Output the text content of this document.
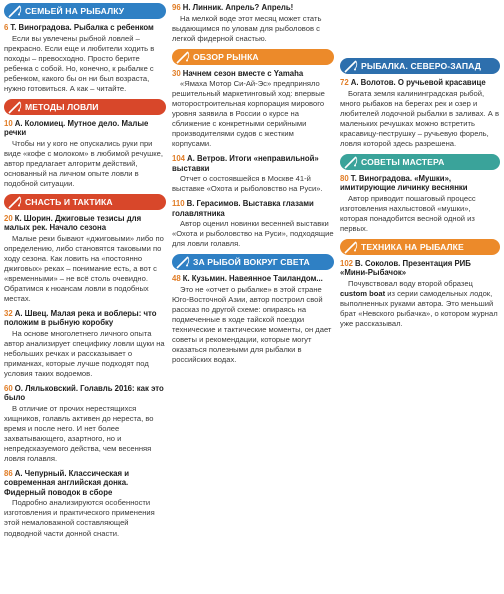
СЕМЬЕЙ НА РЫБАЛКУ
6 Т. Виноградова. Рыбалка с ребенком
Если вы увлечены рыбной ловлей – прекрасно. Если еще и любители ходить в походы – превосходно. Просто берите ребенка с собой. Но, конечно, к рыбалке с ребенком, какого бы он ни был возраста, нужно готовиться. А как – читайте.
МЕТОДЫ ЛОВЛИ
10 А. Коломиец. Мутное дело. Малые речки
Чтобы ни у кого не опускались руки при виде «кофе с молоком» в любимой речушке, автор предлагает алгоритм действий, основанный на личном опыте ловли в подобной ситуации.
СНАСТЬ И ТАКТИКА
20 К. Шорин. Джиговые тезисы для малых рек. Начало сезона
Малые реки бывают «джиговыми» либо по определению, либо становятся таковыми по ходу сезона. Как ловить на «постоянно джиговых» реках – понимание есть, а вот с «временными» – не всё столь очевидно. Обратимся к нюансам ловли в подобных местах.
32 А. Швец. Малая река и воблеры: что положим в рыбную коробку
На основе многолетнего личного опыта автор анализирует специфику ловли щуки на небольших речках и рассказывает о приманках, которые лучше подходят под условия таких водоемов.
60 О. Ляльковский. Голавль 2016: как это было
В отличие от прочих нерестящихся хищников, голавль активен до нереста, во время и после него. И нет более захватывающего, азартного, но и непредсказуемого действа, чем весенняя ловля голавля.
86 А. Чепурный. Классическая и современная английская донка. Фидерный поводок в сборе
Подробно анализируются особенности изготовления и практического применения этой немаловажной составляющей подводной части донной снасти.
96 Н. Линник. Апрель? Апрель!
На мелкой воде этот месяц может стать выдающимся по уловам для рыболовов с легкой фидерной снастью.
ОБЗОР РЫНКА
30 Начнем сезон вместе с Yamaha
«Ямаха Мотор Си-Ай-Эс» предприняло решительный маркетинговый ход: впервые моторостроительная корпорация мирового уровня заявила в России о курсе на сближение с конкретными серийными производителями судов с жестким корпусами.
104 А. Ветров. Итоги «неправильной» выставки
Отчет о состоявшейся в Москве 41-й выставке «Охота и рыболовство на Руси».
110 В. Герасимов. Выставка глазами голавлятника
Автор оценил новинки весенней выставки «Охота и рыболовство на Руси», подходящие для ловли голавля.
ЗА РЫБОЙ ВОКРУГ СВЕТА
48 К. Кузьмин. Навеянное Таиландом...
Это не «отчет о рыбалке» в этой стране Юго-Восточной Азии, автор построил свой рассказ по другой схеме: опираясь на подмеченные в ходе тайской поездки технические и тактические моменты, он дает советы и рекомендации, которые могут оказаться полезными для рыбалки в российских водах.
РЫБАЛКА. СЕВЕРО-ЗАПАД
72 А. Волотов. О ручьевой красавице
Богата земля калининградская рыбой, много рыбаков на берегах рек и озер и любителей лодочной рыбалки в заливах. А в маленьких речушках можно встретить красавицу-пеструшку – ручьевую форель, ловля которой здесь разрешена.
СОВЕТЫ МАСТЕРА
80 Т. Виноградова. «Мушки», имитирующие личинку веснянки
Автор приводит пошаговый процесс изготовления нахлыстовой «мушки», которая понадобится весной одной из первых.
ТЕХНИКА НА РЫБАЛКЕ
102 В. Соколов. Презентация РИБ «Мини-Рыбачок»
Почувствовал воду второй образец custom boat из серии самодельных лодок, выполненных руками автора. Это меньший брат «Невского рыбачка», о котором журнал уже рассказывал.
